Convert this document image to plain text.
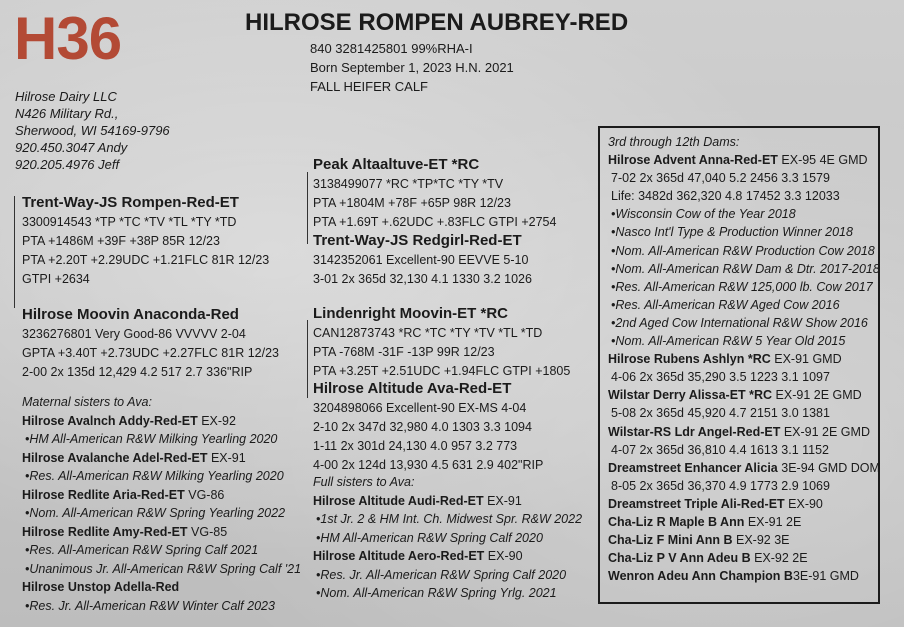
H36	HILROSE ROMPEN AUBREY-RED
840 3281425801 99%RHA-I
Born September 1, 2023 H.N. 2021
FALL HEIFER CALF
Hilrose Dairy LLC
N426 Military Rd.,
Sherwood, WI 54169-9796
920.450.3047 Andy
920.205.4976 Jeff
Trent-Way-JS Rompen-Red-ET
3300914543 *TP *TC *TV *TL *TY *TD
PTA +1486M +39F +38P 85R 12/23
PTA +2.20T +2.29UDC +1.21FLC 81R 12/23
GTPI +2634
Peak Altaaltuve-ET *RC
3138499077 *RC *TP*TC *TY *TV
PTA +1804M +78F +65P 98R 12/23
PTA +1.69T +.62UDC +.83FLC GTPI +2754
Trent-Way-JS Redgirl-Red-ET
3142352061 Excellent-90 EEVVE 5-10
3-01 2x 365d 32,130 4.1 1330 3.2 1026
Hilrose Moovin Anaconda-Red
3236276801 Very Good-86 VVVVV 2-04
GPTA +3.40T +2.73UDC +2.27FLC 81R 12/23
2-00 2x 135d 12,429 4.2 517 2.7 336"RIP
Lindenright Moovin-ET *RC
CAN12873743 *RC *TC *TY *TV *TL *TD
PTA -768M -31F -13P 99R 12/23
PTA +3.25T +2.51UDC +1.94FLC GTPI +1805
Hilrose Altitude Ava-Red-ET
3204898066 Excellent-90 EX-MS 4-04
2-10 2x 347d 32,980 4.0 1303 3.3 1094
1-11 2x 301d 24,130 4.0 957 3.2 773
4-00 2x 124d 13,930 4.5 631 2.9 402"RIP
Maternal sisters to Ava:
Hilrose Avalnch Addy-Red-ET EX-92
•HM All-American R&W Milking Yearling 2020
Hilrose Avalanche Adel-Red-ET EX-91
•Res. All-American R&W Milking Yearling 2020
Hilrose Redlite Aria-Red-ET VG-86
•Nom. All-American R&W Spring Yearling 2022
Hilrose Redlite Amy-Red-ET VG-85
•Res. All-American R&W Spring Calf 2021
•Unanimous Jr. All-American R&W Spring Calf '21
Hilrose Unstop Adella-Red
•Res. Jr. All-American R&W Winter Calf 2023
Full sisters to Ava:
Hilrose Altitude Audi-Red-ET EX-91
•1st Jr. 2 & HM Int. Ch. Midwest Spr. R&W 2022
•HM All-American R&W Spring Calf 2020
Hilrose Altitude Aero-Red-ET EX-90
•Res. Jr. All-American R&W Spring Calf 2020
•Nom. All-American R&W Spring Yrlg. 2021
3rd through 12th Dams:
Hilrose Advent Anna-Red-ET EX-95 4E GMD
7-02 2x 365d 47,040 5.2 2456 3.3 1579
Life: 3482d 362,320 4.8 17452 3.3 12033
•Wisconsin Cow of the Year 2018
•Nasco Int'l Type & Production Winner 2018
•Nom. All-American R&W Production Cow 2018
•Nom. All-American R&W Dam & Dtr. 2017-2018
•Res. All-American R&W 125,000 lb. Cow 2017
•Res. All-American R&W Aged Cow 2016
•2nd Aged Cow International R&W Show 2016
•Nom. All-American R&W 5 Year Old 2015
Hilrose Rubens Ashlyn *RC EX-91 GMD
4-06 2x 365d 35,290 3.5 1223 3.1 1097
Wilstar Derry Alissa-ET *RC EX-91 2E GMD
5-08 2x 365d 45,920 4.7 2151 3.0 1381
Wilstar-RS Ldr Angel-Red-ET EX-91 2E GMD
4-07 2x 365d 36,810 4.4 1613 3.1 1152
Dreamstreet Enhancer Alicia 3E-94 GMD DOM
8-05 2x 365d 36,370 4.9 1773 2.9 1069
Dreamstreet Triple Ali-Red-ET EX-90
Cha-Liz R Maple B Ann EX-91 2E
Cha-Liz F Mini Ann B EX-92 3E
Cha-Liz P V Ann Adeu B EX-92 2E
Wenron Adeu Ann Champion B3E-91 GMD
